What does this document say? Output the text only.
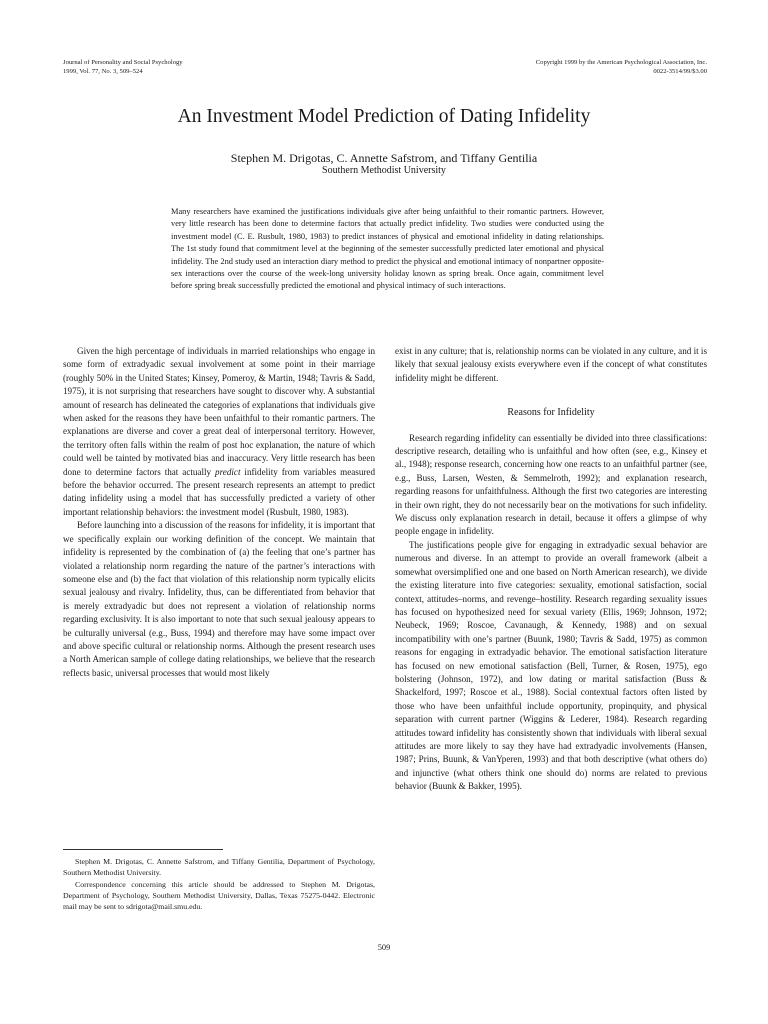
Journal of Personality and Social Psychology
1999, Vol. 77, No. 3, 509–524
Copyright 1999 by the American Psychological Association, Inc.
0022-3514/99/$3.00
An Investment Model Prediction of Dating Infidelity
Stephen M. Drigotas, C. Annette Safstrom, and Tiffany Gentilia
Southern Methodist University

Many researchers have examined the justifications individuals give after being unfaithful to their romantic partners. However, very little research has been done to determine factors that actually predict infidelity. Two studies were conducted using the investment model (C. E. Rusbult, 1980, 1983) to predict instances of physical and emotional infidelity in dating relationships. The 1st study found that commitment level at the beginning of the semester successfully predicted later emotional and physical infidelity. The 2nd study used an interaction diary method to predict the physical and emotional intimacy of nonpartner opposite-sex interactions over the course of the week-long university holiday known as spring break. Once again, commitment level before spring break successfully predicted the emotional and physical intimacy of such interactions.

Given the high percentage of individuals in married relationships who engage in some form of extradyadic sexual involvement at some point in their marriage (roughly 50% in the United States; Kinsey, Pomeroy, & Martin, 1948; Tavris & Sadd, 1975), it is not surprising that researchers have sought to discover why. A substantial amount of research has delineated the categories of explanations that individuals give when asked for the reasons they have been unfaithful to their romantic partners. The explanations are diverse and cover a great deal of interpersonal territory. However, the territory often falls within the realm of post hoc explanation, the nature of which could well be tainted by motivated bias and inaccuracy. Very little research has been done to determine factors that actually predict infidelity from variables measured before the behavior occurred. The present research represents an attempt to predict dating infidelity using a model that has successfully predicted a variety of other important relationship behaviors: the investment model (Rusbult, 1980, 1983).

Before launching into a discussion of the reasons for infidelity, it is important that we specifically explain our working definition of the concept. We maintain that infidelity is represented by the combination of (a) the feeling that one’s partner has violated a relationship norm regarding the nature of the partner’s interactions with someone else and (b) the fact that violation of this relationship norm typically elicits sexual jealousy and rivalry. Infidelity, thus, can be differentiated from behavior that is merely extradyadic but does not represent a violation of relationship norms regarding exclusivity. It is also important to note that such sexual jealousy appears to be culturally universal (e.g., Buss, 1994) and therefore may have some impact over and above specific cultural or relationship norms. Although the present research uses a North American sample of college dating relationships, we believe that the research reflects basic, universal processes that would most likely

exist in any culture; that is, relationship norms can be violated in any culture, and it is likely that sexual jealousy exists everywhere even if the concept of what constitutes infidelity might be different.

Reasons for Infidelity

Research regarding infidelity can essentially be divided into three classifications: descriptive research, detailing who is unfaithful and how often (see, e.g., Kinsey et al., 1948); response research, concerning how one reacts to an unfaithful partner (see, e.g., Buss, Larsen, Westen, & Semmelroth, 1992); and explanation research, regarding reasons for unfaithfulness. Although the first two categories are interesting in their own right, they do not necessarily bear on the motivations for such infidelity. We discuss only explanation research in detail, because it offers a glimpse of why people engage in infidelity.

The justifications people give for engaging in extradyadic sexual behavior are numerous and diverse. In an attempt to provide an overall framework (albeit a somewhat oversimplified one and one based on North American research), we divide the existing literature into five categories: sexuality, emotional satisfaction, social context, attitudes–norms, and revenge–hostility. Research regarding sexuality issues has focused on hypothesized need for sexual variety (Ellis, 1969; Johnson, 1972; Neubeck, 1969; Roscoe, Cavanaugh, & Kennedy, 1988) and on sexual incompatibility with one’s partner (Buunk, 1980; Tavris & Sadd, 1975) as common reasons for engaging in extradyadic behavior. The emotional satisfaction literature has focused on new emotional satisfaction (Bell, Turner, & Rosen, 1975), ego bolstering (Johnson, 1972), and low dating or marital satisfaction (Buss & Shackelford, 1997; Roscoe et al., 1988). Social contextual factors often listed by those who have been unfaithful include opportunity, propinquity, and physical separation with current partner (Wiggins & Lederer, 1984). Research regarding attitudes toward infidelity has consistently shown that individuals with liberal sexual attitudes are more likely to say they have had extradyadic involvements (Hansen, 1987; Prins, Buunk, & VanYperen, 1993) and that both descriptive (what others do) and injunctive (what others think one should do) norms are related to previous behavior (Buunk & Bakker, 1995).

Stephen M. Drigotas, C. Annette Safstrom, and Tiffany Gentilia, Department of Psychology, Southern Methodist University.

Correspondence concerning this article should be addressed to Stephen M. Drigotas, Department of Psychology, Southern Methodist University, Dallas, Texas 75275-0442. Electronic mail may be sent to sdrigota@mail.smu.edu.

509
